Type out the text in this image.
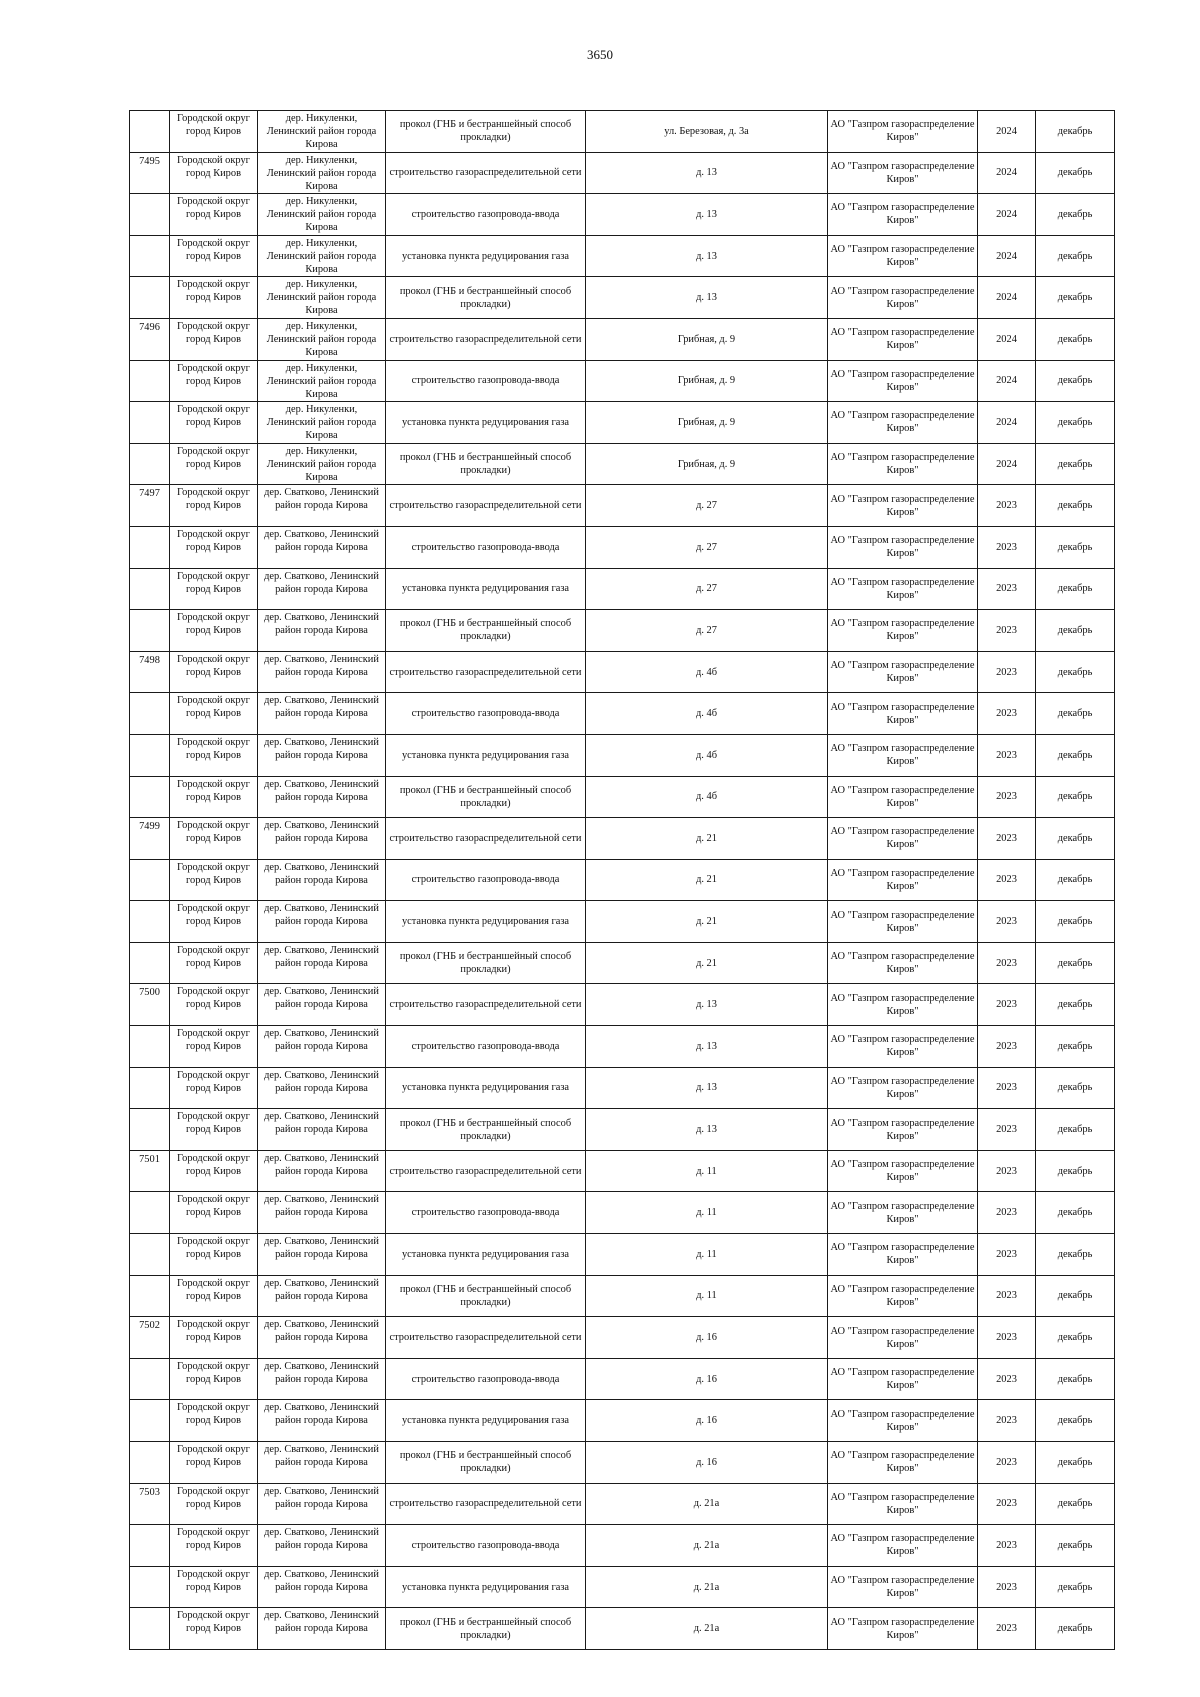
3650

	Городской округ город Киров	дер. Никуленки, Ленинский район города Кирова	прокол (ГНБ и бестраншейный способ прокладки)	ул. Березовая, д. 3а	АО "Газпром газораспределение Киров"	2024	декабрь

7495	Городской округ город Киров	дер. Никуленки, Ленинский район города Кирова	строительство газораспределительной сети	д. 13	АО "Газпром газораспределение Киров"	2024	декабрь

	Городской округ город Киров	дер. Никуленки, Ленинский район города Кирова	строительство газопровода-ввода	д. 13	АО "Газпром газораспределение Киров"	2024	декабрь

	Городской округ город Киров	дер. Никуленки, Ленинский район города Кирова	установка пункта редуцирования газа	д. 13	АО "Газпром газораспределение Киров"	2024	декабрь

	Городской округ город Киров	дер. Никуленки, Ленинский район города Кирова	прокол (ГНБ и бестраншейный способ прокладки)	д. 13	АО "Газпром газораспределение Киров"	2024	декабрь

7496	Городской округ город Киров	дер. Никуленки, Ленинский район города Кирова	строительство газораспределительной сети	Грибная, д. 9	АО "Газпром газораспределение Киров"	2024	декабрь

	Городской округ город Киров	дер. Никуленки, Ленинский район города Кирова	строительство газопровода-ввода	Грибная, д. 9	АО "Газпром газораспределение Киров"	2024	декабрь

	Городской округ город Киров	дер. Никуленки, Ленинский район города Кирова	установка пункта редуцирования газа	Грибная, д. 9	АО "Газпром газораспределение Киров"	2024	декабрь

	Городской округ город Киров	дер. Никуленки, Ленинский район города Кирова	прокол (ГНБ и бестраншейный способ прокладки)	Грибная, д. 9	АО "Газпром газораспределение Киров"	2024	декабрь

7497	Городской округ город Киров	дер. Сватково, Ленинский район города Кирова	строительство газораспределительной сети	д. 27	АО "Газпром газораспределение Киров"	2023	декабрь

	Городской округ город Киров	дер. Сватково, Ленинский район города Кирова	строительство газопровода-ввода	д. 27	АО "Газпром газораспределение Киров"	2023	декабрь

	Городской округ город Киров	дер. Сватково, Ленинский район города Кирова	установка пункта редуцирования газа	д. 27	АО "Газпром газораспределение Киров"	2023	декабрь

	Городской округ город Киров	дер. Сватково, Ленинский район города Кирова	прокол (ГНБ и бестраншейный способ прокладки)	д. 27	АО "Газпром газораспределение Киров"	2023	декабрь

7498	Городской округ город Киров	дер. Сватково, Ленинский район города Кирова	строительство газораспределительной сети	д. 4б	АО "Газпром газораспределение Киров"	2023	декабрь

	Городской округ город Киров	дер. Сватково, Ленинский район города Кирова	строительство газопровода-ввода	д. 4б	АО "Газпром газораспределение Киров"	2023	декабрь

	Городской округ город Киров	дер. Сватково, Ленинский район города Кирова	установка пункта редуцирования газа	д. 4б	АО "Газпром газораспределение Киров"	2023	декабрь

	Городской округ город Киров	дер. Сватково, Ленинский район города Кирова	прокол (ГНБ и бестраншейный способ прокладки)	д. 4б	АО "Газпром газораспределение Киров"	2023	декабрь

7499	Городской округ город Киров	дер. Сватково, Ленинский район города Кирова	строительство газораспределительной сети	д. 21	АО "Газпром газораспределение Киров"	2023	декабрь

	Городской округ город Киров	дер. Сватково, Ленинский район города Кирова	строительство газопровода-ввода	д. 21	АО "Газпром газораспределение Киров"	2023	декабрь

	Городской округ город Киров	дер. Сватково, Ленинский район города Кирова	установка пункта редуцирования газа	д. 21	АО "Газпром газораспределение Киров"	2023	декабрь

	Городской округ город Киров	дер. Сватково, Ленинский район города Кирова	прокол (ГНБ и бестраншейный способ прокладки)	д. 21	АО "Газпром газораспределение Киров"	2023	декабрь

7500	Городской округ город Киров	дер. Сватково, Ленинский район города Кирова	строительство газораспределительной сети	д. 13	АО "Газпром газораспределение Киров"	2023	декабрь

	Городской округ город Киров	дер. Сватково, Ленинский район города Кирова	строительство газопровода-ввода	д. 13	АО "Газпром газораспределение Киров"	2023	декабрь

	Городской округ город Киров	дер. Сватково, Ленинский район города Кирова	установка пункта редуцирования газа	д. 13	АО "Газпром газораспределение Киров"	2023	декабрь

	Городской округ город Киров	дер. Сватково, Ленинский район города Кирова	прокол (ГНБ и бестраншейный способ прокладки)	д. 13	АО "Газпром газораспределение Киров"	2023	декабрь

7501	Городской округ город Киров	дер. Сватково, Ленинский район города Кирова	строительство газораспределительной сети	д. 11	АО "Газпром газораспределение Киров"	2023	декабрь

	Городской округ город Киров	дер. Сватково, Ленинский район города Кирова	строительство газопровода-ввода	д. 11	АО "Газпром газораспределение Киров"	2023	декабрь

	Городской округ город Киров	дер. Сватково, Ленинский район города Кирова	установка пункта редуцирования газа	д. 11	АО "Газпром газораспределение Киров"	2023	декабрь

	Городской округ город Киров	дер. Сватково, Ленинский район города Кирова	прокол (ГНБ и бестраншейный способ прокладки)	д. 11	АО "Газпром газораспределение Киров"	2023	декабрь

7502	Городской округ город Киров	дер. Сватково, Ленинский район города Кирова	строительство газораспределительной сети	д. 16	АО "Газпром газораспределение Киров"	2023	декабрь

	Городской округ город Киров	дер. Сватково, Ленинский район города Кирова	строительство газопровода-ввода	д. 16	АО "Газпром газораспределение Киров"	2023	декабрь

	Городской округ город Киров	дер. Сватково, Ленинский район города Кирова	установка пункта редуцирования газа	д. 16	АО "Газпром газораспределение Киров"	2023	декабрь

	Городской округ город Киров	дер. Сватково, Ленинский район города Кирова	прокол (ГНБ и бестраншейный способ прокладки)	д. 16	АО "Газпром газораспределение Киров"	2023	декабрь

7503	Городской округ город Киров	дер. Сватково, Ленинский район города Кирова	строительство газораспределительной сети	д. 21а	АО "Газпром газораспределение Киров"	2023	декабрь

	Городской округ город Киров	дер. Сватково, Ленинский район города Кирова	строительство газопровода-ввода	д. 21а	АО "Газпром газораспределение Киров"	2023	декабрь

	Городской округ город Киров	дер. Сватково, Ленинский район города Кирова	установка пункта редуцирования газа	д. 21а	АО "Газпром газораспределение Киров"	2023	декабрь

	Городской округ город Киров	дер. Сватково, Ленинский район города Кирова	прокол (ГНБ и бестраншейный способ прокладки)	д. 21а	АО "Газпром газораспределение Киров"	2023	декабрь
